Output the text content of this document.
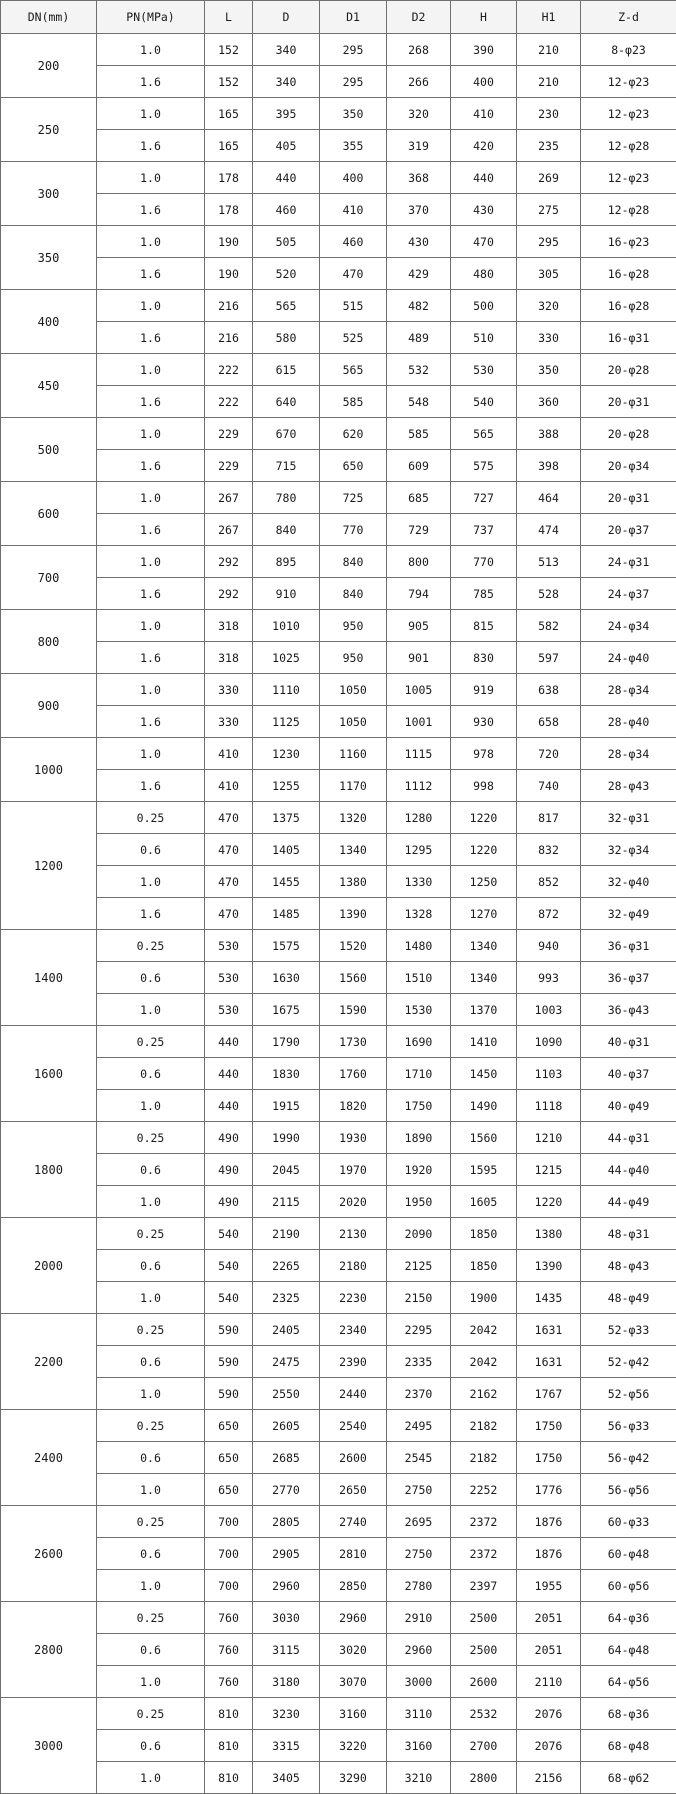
DN(mm)	PN(MPa)	L	D	D1	D2	H	H1	Z-d
200	1.0	152	340	295	268	390	210	8-φ23
	1.6	152	340	295	266	400	210	12-φ23
250	1.0	165	395	350	320	410	230	12-φ23
	1.6	165	405	355	319	420	235	12-φ28
300	1.0	178	440	400	368	440	269	12-φ23
	1.6	178	460	410	370	430	275	12-φ28
350	1.0	190	505	460	430	470	295	16-φ23
	1.6	190	520	470	429	480	305	16-φ28
400	1.0	216	565	515	482	500	320	16-φ28
	1.6	216	580	525	489	510	330	16-φ31
450	1.0	222	615	565	532	530	350	20-φ28
	1.6	222	640	585	548	540	360	20-φ31
500	1.0	229	670	620	585	565	388	20-φ28
	1.6	229	715	650	609	575	398	20-φ34
600	1.0	267	780	725	685	727	464	20-φ31
	1.6	267	840	770	729	737	474	20-φ37
700	1.0	292	895	840	800	770	513	24-φ31
	1.6	292	910	840	794	785	528	24-φ37
800	1.0	318	1010	950	905	815	582	24-φ34
	1.6	318	1025	950	901	830	597	24-φ40
900	1.0	330	1110	1050	1005	919	638	28-φ34
	1.6	330	1125	1050	1001	930	658	28-φ40
1000	1.0	410	1230	1160	1115	978	720	28-φ34
	1.6	410	1255	1170	1112	998	740	28-φ43
1200	0.25	470	1375	1320	1280	1220	817	32-φ31
	0.6	470	1405	1340	1295	1220	832	32-φ34
	1.0	470	1455	1380	1330	1250	852	32-φ40
	1.6	470	1485	1390	1328	1270	872	32-φ49
1400	0.25	530	1575	1520	1480	1340	940	36-φ31
	0.6	530	1630	1560	1510	1340	993	36-φ37
	1.0	530	1675	1590	1530	1370	1003	36-φ43
1600	0.25	440	1790	1730	1690	1410	1090	40-φ31
	0.6	440	1830	1760	1710	1450	1103	40-φ37
	1.0	440	1915	1820	1750	1490	1118	40-φ49
1800	0.25	490	1990	1930	1890	1560	1210	44-φ31
	0.6	490	2045	1970	1920	1595	1215	44-φ40
	1.0	490	2115	2020	1950	1605	1220	44-φ49
2000	0.25	540	2190	2130	2090	1850	1380	48-φ31
	0.6	540	2265	2180	2125	1850	1390	48-φ43
	1.0	540	2325	2230	2150	1900	1435	48-φ49
2200	0.25	590	2405	2340	2295	2042	1631	52-φ33
	0.6	590	2475	2390	2335	2042	1631	52-φ42
	1.0	590	2550	2440	2370	2162	1767	52-φ56
2400	0.25	650	2605	2540	2495	2182	1750	56-φ33
	0.6	650	2685	2600	2545	2182	1750	56-φ42
	1.0	650	2770	2650	2750	2252	1776	56-φ56
2600	0.25	700	2805	2740	2695	2372	1876	60-φ33
	0.6	700	2905	2810	2750	2372	1876	60-φ48
	1.0	700	2960	2850	2780	2397	1955	60-φ56
2800	0.25	760	3030	2960	2910	2500	2051	64-φ36
	0.6	760	3115	3020	2960	2500	2051	64-φ48
	1.0	760	3180	3070	3000	2600	2110	64-φ56
3000	0.25	810	3230	3160	3110	2532	2076	68-φ36
	0.6	810	3315	3220	3160	2700	2076	68-φ48
	1.0	810	3405	3290	3210	2800	2156	68-φ62
